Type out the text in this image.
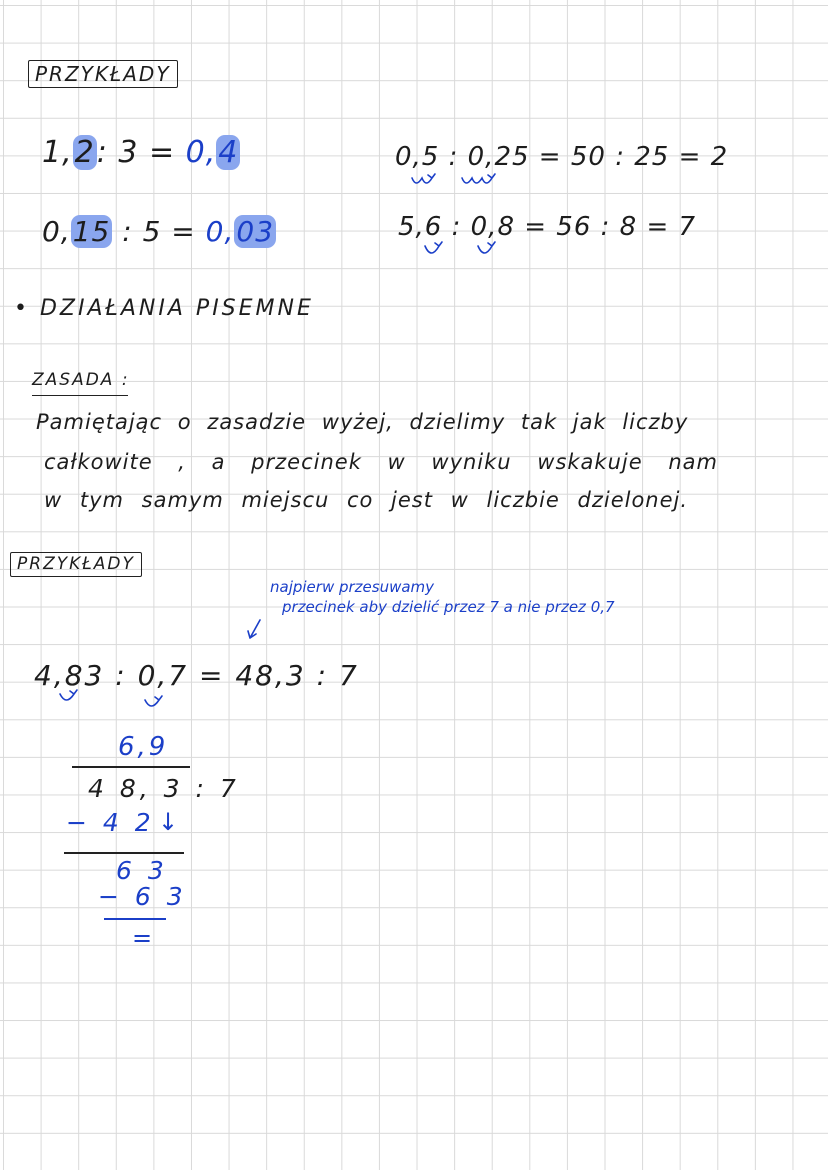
PRZYKŁADY
1,2: 3 = 0,4
0,15 : 5 = 0,03
0,5 : 0,25 = 50 : 25 = 2
5,6 : 0,8 = 56 : 8 = 7
• DZIAŁANIA PISEMNE
ZASADA :
Pamiętając o zasadzie wyżej, dzielimy tak jak liczby
całkowite , a przecinek w wyniku wskakuje nam
w tym samym miejscu co jest w liczbie dzielonej.
PRZYKŁADY
najpierw przesuwamy
przecinek aby dzielić przez 7 a nie przez 0,7
4,83 : 0,7 = 48,3 : 7
6,9
4 8, 3 : 7
− 4 2 ↓
6 3
− 6 3
=
